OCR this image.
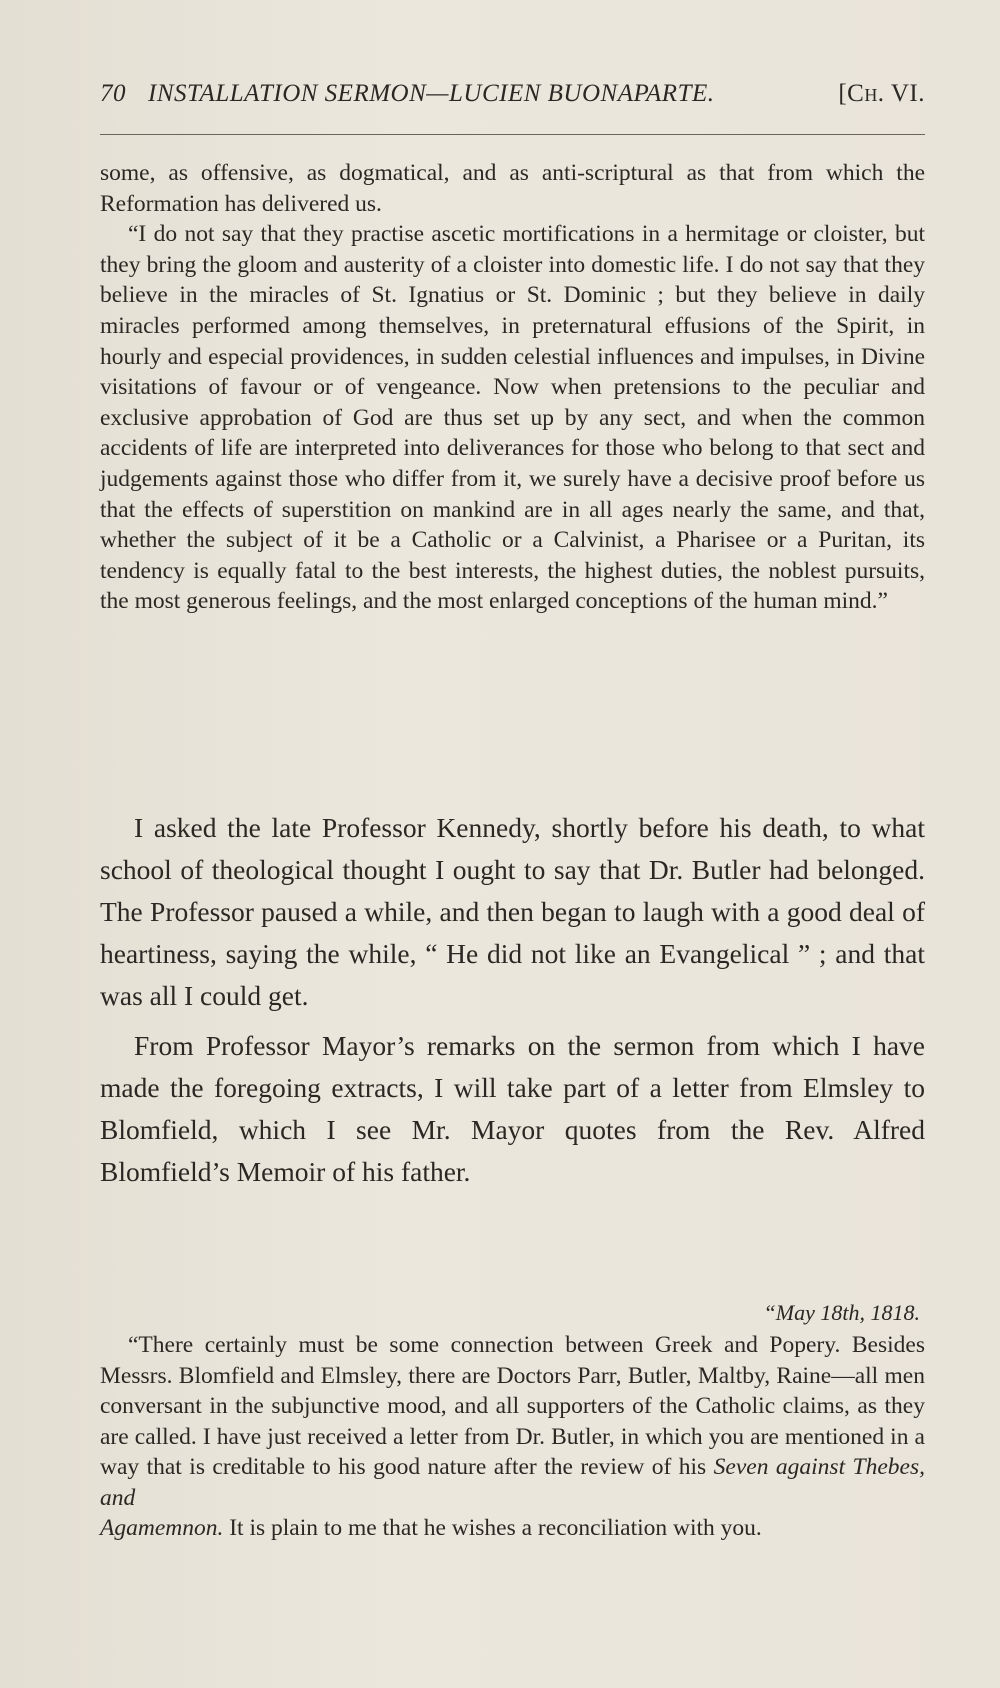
70 INSTALLATION SERMON—LUCIEN BUONAPARTE.	[Ch. VI.

some, as offensive, as dogmatical, and as anti-scriptural as that from which the Reformation has delivered us.

“I do not say that they practise ascetic mortifications in a hermitage or cloister, but they bring the gloom and austerity of a cloister into domestic life. I do not say that they believe in the miracles of St. Ignatius or St. Dominic ; but they believe in daily miracles performed among themselves, in preternatural effusions of the Spirit, in hourly and especial providences, in sudden celestial influences and impulses, in Divine visitations of favour or of vengeance. Now when pretensions to the peculiar and exclusive approbation of God are thus set up by any sect, and when the common accidents of life are interpreted into deliverances for those who belong to that sect and judgements against those who differ from it, we surely have a decisive proof before us that the effects of superstition on mankind are in all ages nearly the same, and that, whether the subject of it be a Catholic or a Calvinist, a Pharisee or a Puritan, its tendency is equally fatal to the best interests, the highest duties, the noblest pursuits, the most generous feelings, and the most enlarged conceptions of the human mind.”

I asked the late Professor Kennedy, shortly before his death, to what school of theological thought I ought to say that Dr. Butler had belonged. The Professor paused a while, and then began to laugh with a good deal of heartiness, saying the while, “ He did not like an Evangelical ” ; and that was all I could get.

From Professor Mayor’s remarks on the sermon from which I have made the foregoing extracts, I will take part of a letter from Elmsley to Blomfield, which I see Mr. Mayor quotes from the Rev. Alfred Blomfield’s Memoir of his father.

“May 18th, 1818.

“There certainly must be some connection between Greek and Popery. Besides Messrs. Blomfield and Elmsley, there are Doctors Parr, Butler, Maltby, Raine—all men conversant in the subjunctive mood, and all supporters of the Catholic claims, as they are called. I have just received a letter from Dr. Butler, in which you are mentioned in a way that is creditable to his good nature after the review of his Seven against Thebes, and
Agamemnon. It is plain to me that he wishes a reconciliation with you.
